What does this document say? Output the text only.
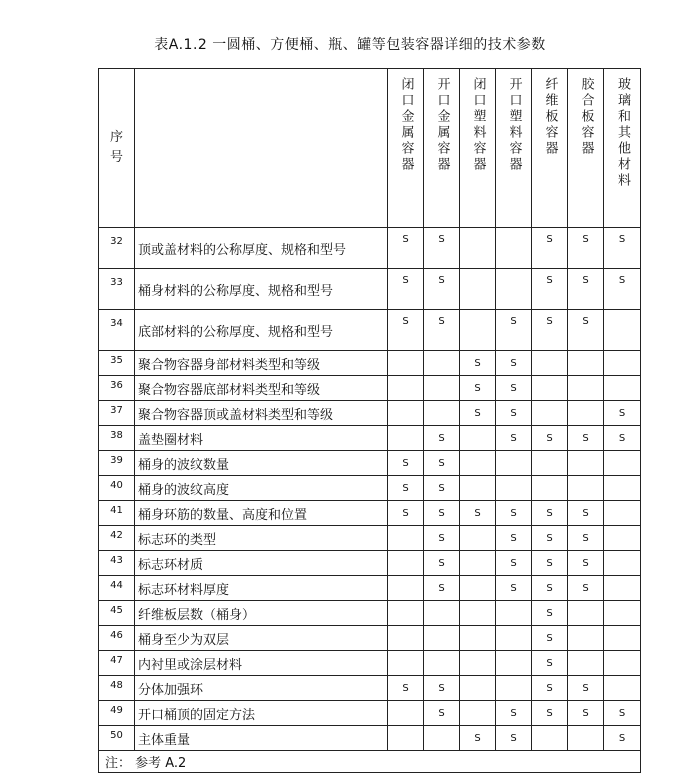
表A.1.2 一圆桶、方便桶、瓶、罐等包装容器详细的技术参数
序
号		闭口金属容器	开口金属容器	闭口塑料容器	开口塑料容器	纤维板容器	胶合板容器	玻璃和其他材料

32	顶或盖材料的公称厚度、规格和型号	S	S			S	S	S
33	桶身材料的公称厚度、规格和型号	S	S			S	S	S
34	底部材料的公称厚度、规格和型号	S	S		S	S	S	
35	聚合物容器身部材料类型和等级			S	S			
36	聚合物容器底部材料类型和等级			S	S			
37	聚合物容器顶或盖材料类型和等级			S	S			S
38	盖垫圈材料		S		S	S	S	S
39	桶身的波纹数量	S	S					
40	桶身的波纹高度	S	S					
41	桶身环筋的数量、高度和位置	S	S	S	S	S	S	
42	标志环的类型		S		S	S	S	
43	标志环材质		S		S	S	S	
44	标志环材料厚度		S		S	S	S	
45	纤维板层数（桶身）					S		
46	桶身至少为双层					S		
47	内衬里或涂层材料					S		
48	分体加强环	S	S			S	S	
49	开口桶顶的固定方法		S		S	S	S	S
50	主体重量			S	S			S
注： 参考 A.2								
